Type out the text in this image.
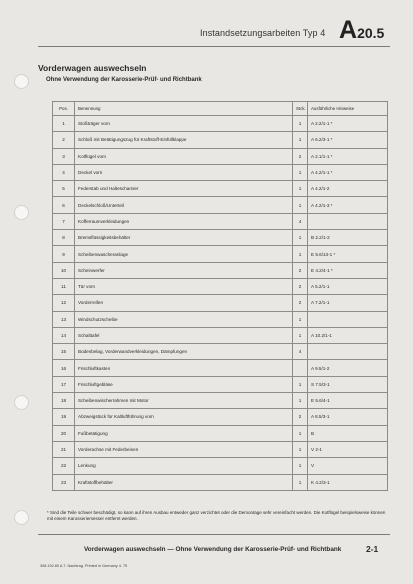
Instandsetzungsarbeiten Typ 4 A20.5
Vorderwagen auswechseln
Ohne Verwendung der Karosserie-Prüf- und Richtbank
Pos.	Benennung	Stck.	Ausführliche Hinweise
1	Stoßträger vorn	1	A 2.2/1-1 *
2	Schloß mit Betätigungszug für Kraftstoff-Einfüllklappe	1	A 6.2/3-1 *
3	Kotflügel vorn	2	A 2.1/1-1 *
4	Deckel vorn	1	A 4.2/1-1 *
5	Federstab und Haltescharnier	1	A 4.2/1-2
6	Deckelschloß/Unterteil	1	A 4.2/1-3 *
7	Kofferraumverkleidungen	4	
8	Bremsflüssigkeitsbehälter	1	B 2.2/1-2
9	Scheibenwascheranlage	1	E 5.6/13-1 *
10	Scheinwerfer	2	E 4.2/4-1 *
11	Tür vorn	2	A 5.2/1-1
12	Vorderreifen	2	A 7.2/1-1
13	Windschutzscheibe	1	
14	Schalttafel	1	A 10.2/1-1
15	Bodenbelag, Vorderwandverkleidungen, Dämpfungen	4	
16	Frischluftkasten		A 9.5/1-2
17	Frischluftgebläse	1	S 7.5/3-1
18	Scheibenwischerrahmen mit Motor	1	E 5.6/4-1
19	Abzweigstück für Kaltluftführung vorn	2	A 8.5/3-1
20	Fußbetätigung	1	B
21	Vorderachse mit Federbeinen	1	V 2-1
22	Lenkung	1	V
23	Kraftstoffbehälter	1	K 4.2/3-1
* Sind die Teile schwer beschädigt, so kann auf ihren Ausbau entweder ganz verzichtet oder die Demontage sehr vereinfacht werden. Die Kotflügel beispielsweise können mit einem Karosseriemesser entfernt werden.
Vorderwagen auswechseln — Ohne Verwendung der Karosserie-Prüf- und Richtbank	2-1
308.192.80 A 7. Nachtrag. Printed in Germany 4. 79
